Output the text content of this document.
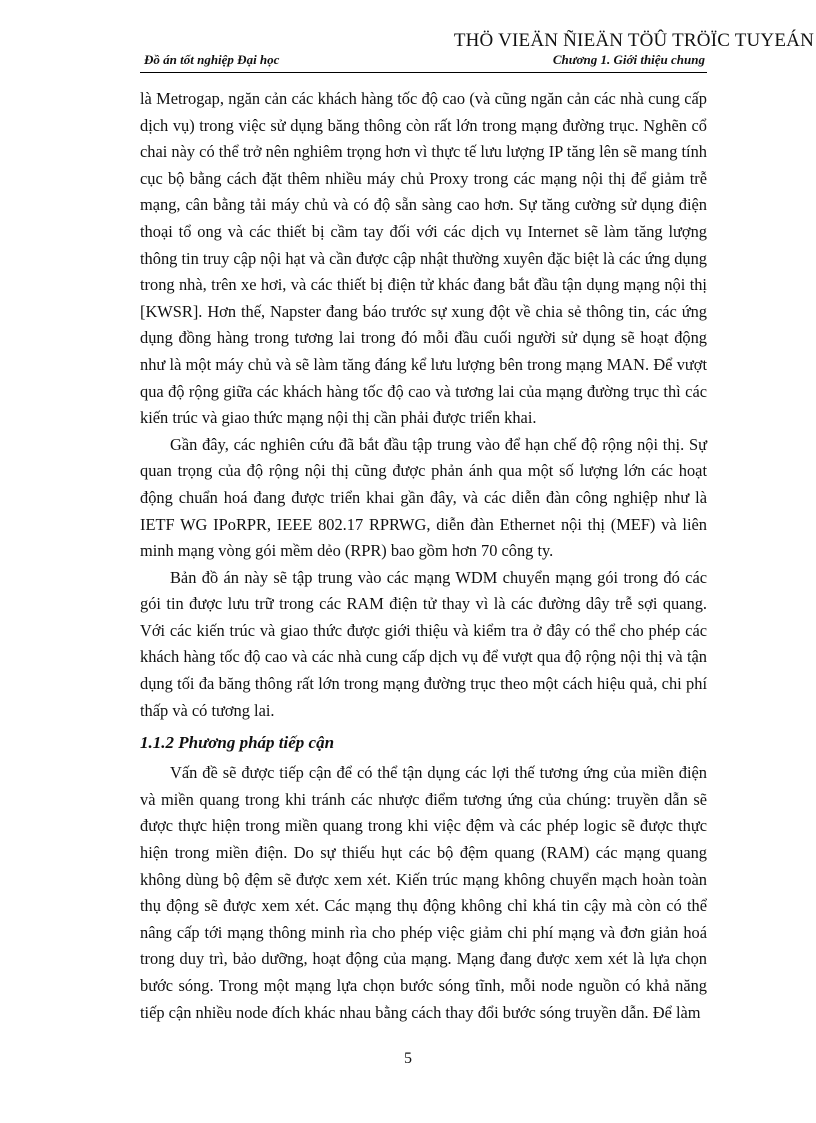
THÖ VIEÄN ÑIEÄN TÖÛ TRÖÏC TUYEÁN
Đồ án tốt nghiệp Đại học	Chương 1. Giới thiệu chung

là Metrogap, ngăn cản các khách hàng tốc độ cao (và cũng ngăn cản các nhà cung cấp dịch vụ) trong việc sử dụng băng thông còn rất lớn trong mạng đường trục. Nghẽn cổ chai này có thể trở nên nghiêm trọng hơn vì thực tế lưu lượng IP tăng lên sẽ mang tính cục bộ bằng cách đặt thêm nhiều máy chủ Proxy trong các mạng nội thị để giảm trễ mạng, cân bằng tải máy chủ và có độ sẵn sàng cao hơn. Sự tăng cường sử dụng điện thoại tổ ong và các thiết bị cầm tay đối với các dịch vụ Internet sẽ làm tăng lượng thông tin truy cập nội hạt và cần được cập nhật thường xuyên đặc biệt là các ứng dụng trong nhà, trên xe hơi, và các thiết bị điện tử khác đang bắt đầu tận dụng mạng nội thị [KWSR]. Hơn thế, Napster đang báo trước sự xung đột về chia sẻ thông tin, các ứng dụng đồng hàng trong tương lai trong đó mỗi đầu cuối người sử dụng sẽ hoạt động như là một máy chủ và sẽ làm tăng đáng kể lưu lượng bên trong mạng MAN. Để vượt qua độ rộng giữa các khách hàng tốc độ cao và tương lai của mạng đường trục thì các kiến trúc và giao thức mạng nội thị cần phải được triển khai.

Gần đây, các nghiên cứu đã bắt đầu tập trung vào để hạn chế độ rộng nội thị. Sự quan trọng của độ rộng nội thị cũng được phản ánh qua một số lượng lớn các hoạt động chuẩn hoá đang được triển khai gần đây, và các diễn đàn công nghiệp như là IETF WG IPoRPR, IEEE 802.17 RPRWG, diễn đàn Ethernet nội thị (MEF) và liên minh mạng vòng gói mềm dẻo (RPR) bao gồm hơn 70 công ty.

Bản đồ án này sẽ tập trung vào các mạng WDM chuyển mạng gói trong đó các gói tin được lưu trữ trong các RAM điện tử thay vì là các đường dây trễ sợi quang. Với các kiến trúc và giao thức được giới thiệu và kiểm tra ở đây có thể cho phép các khách hàng tốc độ cao và các nhà cung cấp dịch vụ để vượt qua độ rộng nội thị và tận dụng tối đa băng thông rất lớn trong mạng đường trục theo một cách hiệu quả, chi phí thấp và có tương lai.

1.1.2 Phương pháp tiếp cận

Vấn đề sẽ được tiếp cận để có thể tận dụng các lợi thế tương ứng của miền điện và miền quang trong khi tránh các nhược điểm tương ứng của chúng: truyền dẫn sẽ được thực hiện trong miền quang trong khi việc đệm và các phép logic sẽ được thực hiện trong miền điện. Do sự thiếu hụt các bộ đệm quang (RAM) các mạng quang không dùng bộ đệm sẽ được xem xét. Kiến trúc mạng không chuyển mạch hoàn toàn thụ động sẽ được xem xét. Các mạng thụ động không chỉ khá tin cậy mà còn có thể nâng cấp tới mạng thông minh rìa cho phép việc giảm chi phí mạng và đơn giản hoá trong duy trì, bảo dưỡng, hoạt động của mạng. Mạng đang được xem xét là lựa chọn bước sóng. Trong một mạng lựa chọn bước sóng tĩnh, mỗi node nguồn có khả năng tiếp cận nhiều node đích khác nhau bằng cách thay đổi bước sóng truyền dẫn. Để làm

5
